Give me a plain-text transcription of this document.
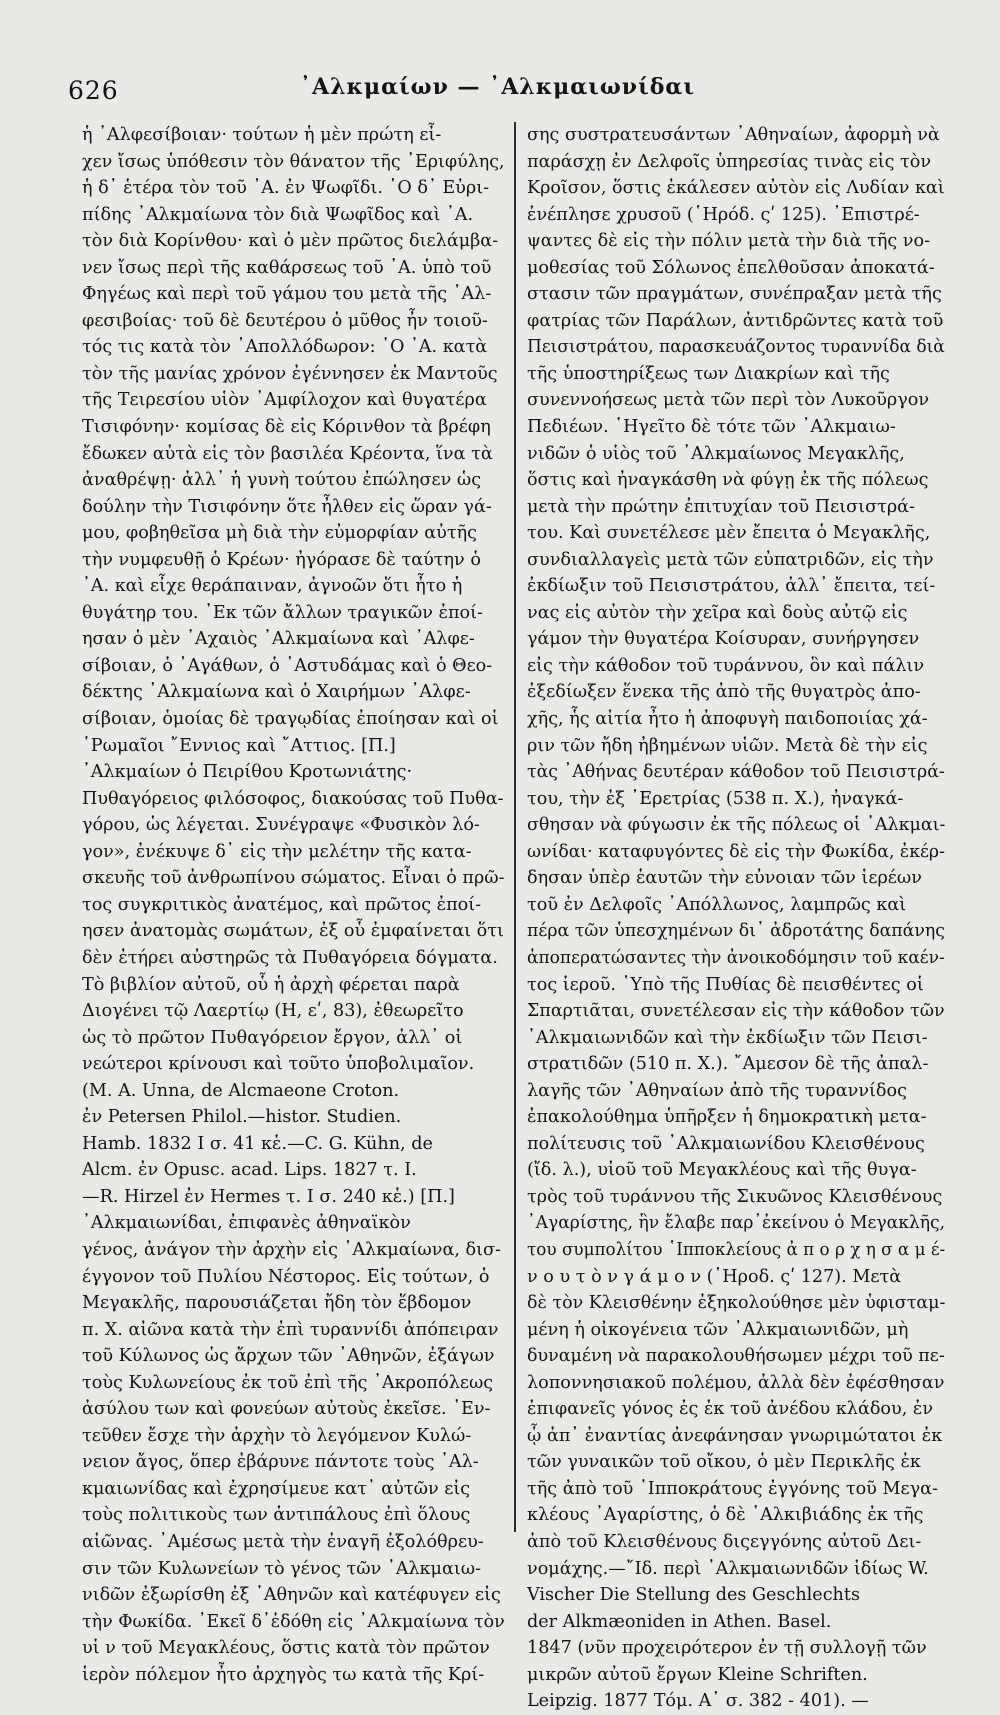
626	᾽Αλκμαίων — ᾽Αλκμαιωνίδαι
ἡ ᾽Αλφεσίβοιαν· τούτων ἡ μὲν πρώτη εἶ-
χεν ἴσως ὑπόθεσιν τὸν θάνατον τῆς ᾽Εριφύλης,
ἡ δ᾽ ἑτέρα τὸν τοῦ ᾽Α. ἐν Ψωφῖδι. ῾Ο δ᾽ Εὐρι-
πίδης ᾽Αλκμαίωνα τὸν διὰ Ψωφῖδος καὶ ᾽Α.
τὸν διὰ Κορίνθου· καὶ ὁ μὲν πρῶτος διελάμβα-
νεν ἴσως περὶ τῆς καθάρσεως τοῦ ᾽Α. ὑπὸ τοῦ
Φηγέως καὶ περὶ τοῦ γάμου του μετὰ τῆς ᾽Αλ-
φεσιβοίας· τοῦ δὲ δευτέρου ὁ μῦθος ἦν τοιοῦ-
τός τις κατὰ τὸν ᾽Απολλόδωρον: ῾Ο ᾽Α. κατὰ
τὸν τῆς μανίας χρόνον ἐγέννησεν ἐκ Μαντοῦς
τῆς Τειρεσίου υἱὸν ᾽Αμφίλοχον καὶ θυγατέρα
Τισιφόνην· κομίσας δὲ εἰς Κόρινθον τὰ βρέφη
ἔδωκεν αὐτὰ εἰς τὸν βασιλέα Κρέοντα, ἵνα τὰ
ἀναθρέψῃ· ἀλλ᾽ ἡ γυνὴ τούτου ἐπώλησεν ὡς
δούλην τὴν Τισιφόνην ὅτε ἦλθεν εἰς ὥραν γά-
μου, φοβηθεῖσα μὴ διὰ τὴν εὐμορφίαν αὐτῆς
τὴν νυμφευθῇ ὁ Κρέων· ἠγόρασε δὲ ταύτην ὁ
᾽Α. καὶ εἶχε θεράπαιναν, ἀγνοῶν ὅτι ἦτο ἡ
θυγάτηρ του. ᾽Εκ τῶν ἄλλων τραγικῶν ἐποί-
ησαν ὁ μὲν ᾽Αχαιὸς ᾽Αλκμαίωνα καὶ ᾽Αλφε-
σίβοιαν, ὁ ᾽Αγάθων, ὁ ᾽Αστυδάμας καὶ ὁ Θεο-
δέκτης ᾽Αλκμαίωνα καὶ ὁ Χαιρήμων ᾽Αλφε-
σίβοιαν, ὁμοίας δὲ τραγῳδίας ἐποίησαν καὶ οἱ
῾Ρωμαῖοι ῎Εννιος καὶ ῎Αττιος. [Π.]
᾽Αλκμαίων ὁ Πειρίθου Κροτωνιάτης·
Πυθαγόρειος φιλόσοφος, διακούσας τοῦ Πυθα-
γόρου, ὡς λέγεται. Συνέγραψε «Φυσικὸν λό-
γον», ἐνέκυψε δ᾽ εἰς τὴν μελέτην τῆς κατα-
σκευῆς τοῦ ἀνθρωπίνου σώματος. Εἶναι ὁ πρῶ-
τος συγκριτικὸς ἀνατέμος, καὶ πρῶτος ἐποί-
ησεν ἀνατομὰς σωμάτων, ἐξ οὗ ἐμφαίνεται ὅτι
δὲν ἐτήρει αὐστηρῶς τὰ Πυθαγόρεια δόγματα.
Τὸ βιβλίον αὐτοῦ, οὗ ἡ ἀρχὴ φέρεται παρὰ
Διογένει τῷ Λαερτίῳ (Η, εʹ, 83), ἐθεωρεῖτο
ὡς τὸ πρῶτον Πυθαγόρειον ἔργον, ἀλλ᾽ οἱ
νεώτεροι κρίνουσι καὶ τοῦτο ὑποβολιμαῖον.
(M. A. Unna, de Alcmaeone Croton.
ἐν Petersen Philol.—histor. Studien.
Hamb. 1832 I σ. 41 κἑ.—C. G. Kühn, de
Alcm. ἐν Opusc. acad. Lips. 1827 τ. I.
—R. Hirzel ἐν Hermes τ. I σ. 240 κἑ.) [Π.]
᾽Αλκμαιωνίδαι, ἐπιφανὲς ἀθηναϊκὸν
γένος, ἀνάγον τὴν ἀρχὴν εἰς ᾽Αλκμαίωνα, δισ-
έγγονον τοῦ Πυλίου Νέστορος. Εἰς τούτων, ὁ
Μεγακλῆς, παρουσιάζεται ἤδη τὸν ἕβδομον
π. Χ. αἰῶνα κατὰ τὴν ἐπὶ τυραννίδι ἀπόπειραν
τοῦ Κύλωνος ὡς ἄρχων τῶν ᾽Αθηνῶν, ἐξάγων
τοὺς Κυλωνείους ἐκ τοῦ ἐπὶ τῆς ᾽Ακροπόλεως
ἀσύλου των καὶ φονεύων αὐτοὺς ἐκεῖσε. ᾽Εν-
τεῦθεν ἔσχε τὴν ἀρχὴν τὸ λεγόμενον Κυλώ-
νειον ἄγος, ὅπερ ἐβάρυνε πάντοτε τοὺς ᾽Αλ-
κμαιωνίδας καὶ ἐχρησίμευε κατ᾽ αὐτῶν εἰς
τοὺς πολιτικοὺς των ἀντιπάλους ἐπὶ ὅλους
αἰῶνας. ᾽Αμέσως μετὰ τὴν ἐναγῆ ἐξολόθρευ-
σιν τῶν Κυλωνείων τὸ γένος τῶν ᾽Αλκμαιω-
νιδῶν ἐξωρίσθη ἐξ ᾽Αθηνῶν καὶ κατέφυγεν εἰς
τὴν Φωκίδα. ᾽Εκεῖ δ᾽ἐδόθη εἰς ᾽Αλκμαίωνα τὸν
υἱ ν τοῦ Μεγακλέους, ὅστις κατὰ τὸν πρῶτον
ἱερὸν πόλεμον ἦτο ἀρχηγὸς τω κατὰ τῆς Κρί-
σης συστρατευσάντων ᾽Αθηναίων, ἀφορμὴ νὰ
παράσχῃ ἐν Δελφοῖς ὑπηρεσίας τινὰς εἰς τὸν
Κροῖσον, ὅστις ἐκάλεσεν αὐτὸν εἰς Λυδίαν καὶ
ἐνέπλησε χρυσοῦ (῾Ηρόδ. ςʹ 125). ᾽Επιστρέ-
ψαντες δὲ εἰς τὴν πόλιν μετὰ τὴν διὰ τῆς νο-
μοθεσίας τοῦ Σόλωνος ἐπελθοῦσαν ἀποκατά-
στασιν τῶν πραγμάτων, συνέπραξαν μετὰ τῆς
φατρίας τῶν Παράλων, ἀντιδρῶντες κατὰ τοῦ
Πεισιστράτου, παρασκευάζοντος τυραννίδα διὰ
τῆς ὑποστηρίξεως των Διακρίων καὶ τῆς
συνεννοήσεως μετὰ τῶν περὶ τὸν Λυκοῦργον
Πεδιέων. ῾Ηγεῖτο δὲ τότε τῶν ᾽Αλκμαιω-
νιδῶν ὁ υἱὸς τοῦ ᾽Αλκμαίωνος Μεγακλῆς,
ὅστις καὶ ἠναγκάσθη νὰ φύγῃ ἐκ τῆς πόλεως
μετὰ τὴν πρώτην ἐπιτυχίαν τοῦ Πεισιστρά-
του. Καὶ συνετέλεσε μὲν ἔπειτα ὁ Μεγακλῆς,
συνδιαλλαγεὶς μετὰ τῶν εὐπατριδῶν, εἰς τὴν
ἐκδίωξιν τοῦ Πεισιστράτου, ἀλλ᾽ ἔπειτα, τεί-
νας εἰς αὐτὸν τὴν χεῖρα καὶ δοὺς αὐτῷ εἰς
γάμον τὴν θυγατέρα Κοίσυραν, συνήργησεν
εἰς τὴν κάθοδον τοῦ τυράννου, ὃν καὶ πάλιν
ἐξεδίωξεν ἕνεκα τῆς ἀπὸ τῆς θυγατρὸς ἀπο-
χῆς, ἧς αἰτία ἦτο ἡ ἀποφυγὴ παιδοποιίας χά-
ριν τῶν ἤδη ἠβημένων υἱῶν. Μετὰ δὲ τὴν εἰς
τὰς ᾽Αθήνας δευτέραν κάθοδον τοῦ Πεισιστρά-
του, τὴν ἐξ ᾽Ερετρίας (538 π. Χ.), ἠναγκά-
σθησαν νὰ φύγωσιν ἐκ τῆς πόλεως οἱ ᾽Αλκμαι-
ωνίδαι· καταφυγόντες δὲ εἰς τὴν Φωκίδα, ἐκέρ-
δησαν ὑπὲρ ἑαυτῶν τὴν εὐνοιαν τῶν ἱερέων
τοῦ ἐν Δελφοῖς ᾽Απόλλωνος, λαμπρῶς καὶ
πέρα τῶν ὑπεσχημένων δι᾽ ἀδροτάτης δαπάνης
ἀποπερατώσαντες τὴν ἀνοικοδόμησιν τοῦ καέν-
τος ἱεροῦ. ῾Υπὸ τῆς Πυθίας δὲ πεισθέντες οἱ
Σπαρτιᾶται, συνετέλεσαν εἰς τὴν κάθοδον τῶν
᾽Αλκμαιωνιδῶν καὶ τὴν ἐκδίωξιν τῶν Πεισι-
στρατιδῶν (510 π. Χ.). ῎Αμεσον δὲ τῆς ἀπαλ-
λαγῆς τῶν ᾽Αθηναίων ἀπὸ τῆς τυραννίδος
ἐπακολούθημα ὑπῆρξεν ἡ δημοκρατικὴ μετα-
πολίτευσις τοῦ ᾽Αλκμαιωνίδου Κλεισθένους
(ἴδ. λ.), υἱοῦ τοῦ Μεγακλέους καὶ τῆς θυγα-
τρὸς τοῦ τυράννου τῆς Σικυῶνος Κλεισθένους
᾽Αγαρίστης, ἣν ἔλαβε παρ᾽ἐκείνου ὁ Μεγακλῆς,
του συμπολίτου ῾Ιπποκλείους ἀ π ο ρ χ η σ α μ έ-
ν ο υ τ ὸ ν γ ά μ ο ν (῾Ηροδ. ςʹ 127). Μετὰ
δὲ τὸν Κλεισθένην ἐξηκολούθησε μὲν ὑφισταμ-
μένη ἡ οἰκογένεια τῶν ᾽Αλκμαιωνιδῶν, μὴ
δυναμένη νὰ παρακολουθήσωμεν μέχρι τοῦ πε-
λοποννησιακοῦ πολέμου, ἀλλὰ δὲν ἐφέσθησαν
ἐπιφανεῖς γόνος ἐς ἐκ τοῦ ἀνέδου κλάδου, ἐν
ᾧ ἀπ᾽ ἐναντίας ἀνεφάνησαν γνωριμώτατοι ἐκ
τῶν γυναικῶν τοῦ οἴκου, ὁ μὲν Περικλῆς ἐκ
τῆς ἀπὸ τοῦ ῾Ιπποκράτους ἐγγόνης τοῦ Μεγα-
κλέους ᾽Αγαρίστης, ὁ δὲ ᾽Αλκιβιάδης ἐκ τῆς
ἀπὸ τοῦ Κλεισθένους διςεγγόνης αὐτοῦ Δει-
νομάχης.—῎Ιδ. περὶ ᾽Αλκμαιωνιδῶν ἰδίως W.
Vischer Die Stellung des Geschlechts
der Alkmæoniden in Athen. Basel.
1847 (νῦν προχειρότερον ἐν τῇ συλλογῇ τῶν
μικρῶν αὐτοῦ ἔργων Kleine Schriften.
Leipzig. 1877 Τόμ. Α᾽ σ. 382 - 401). —
